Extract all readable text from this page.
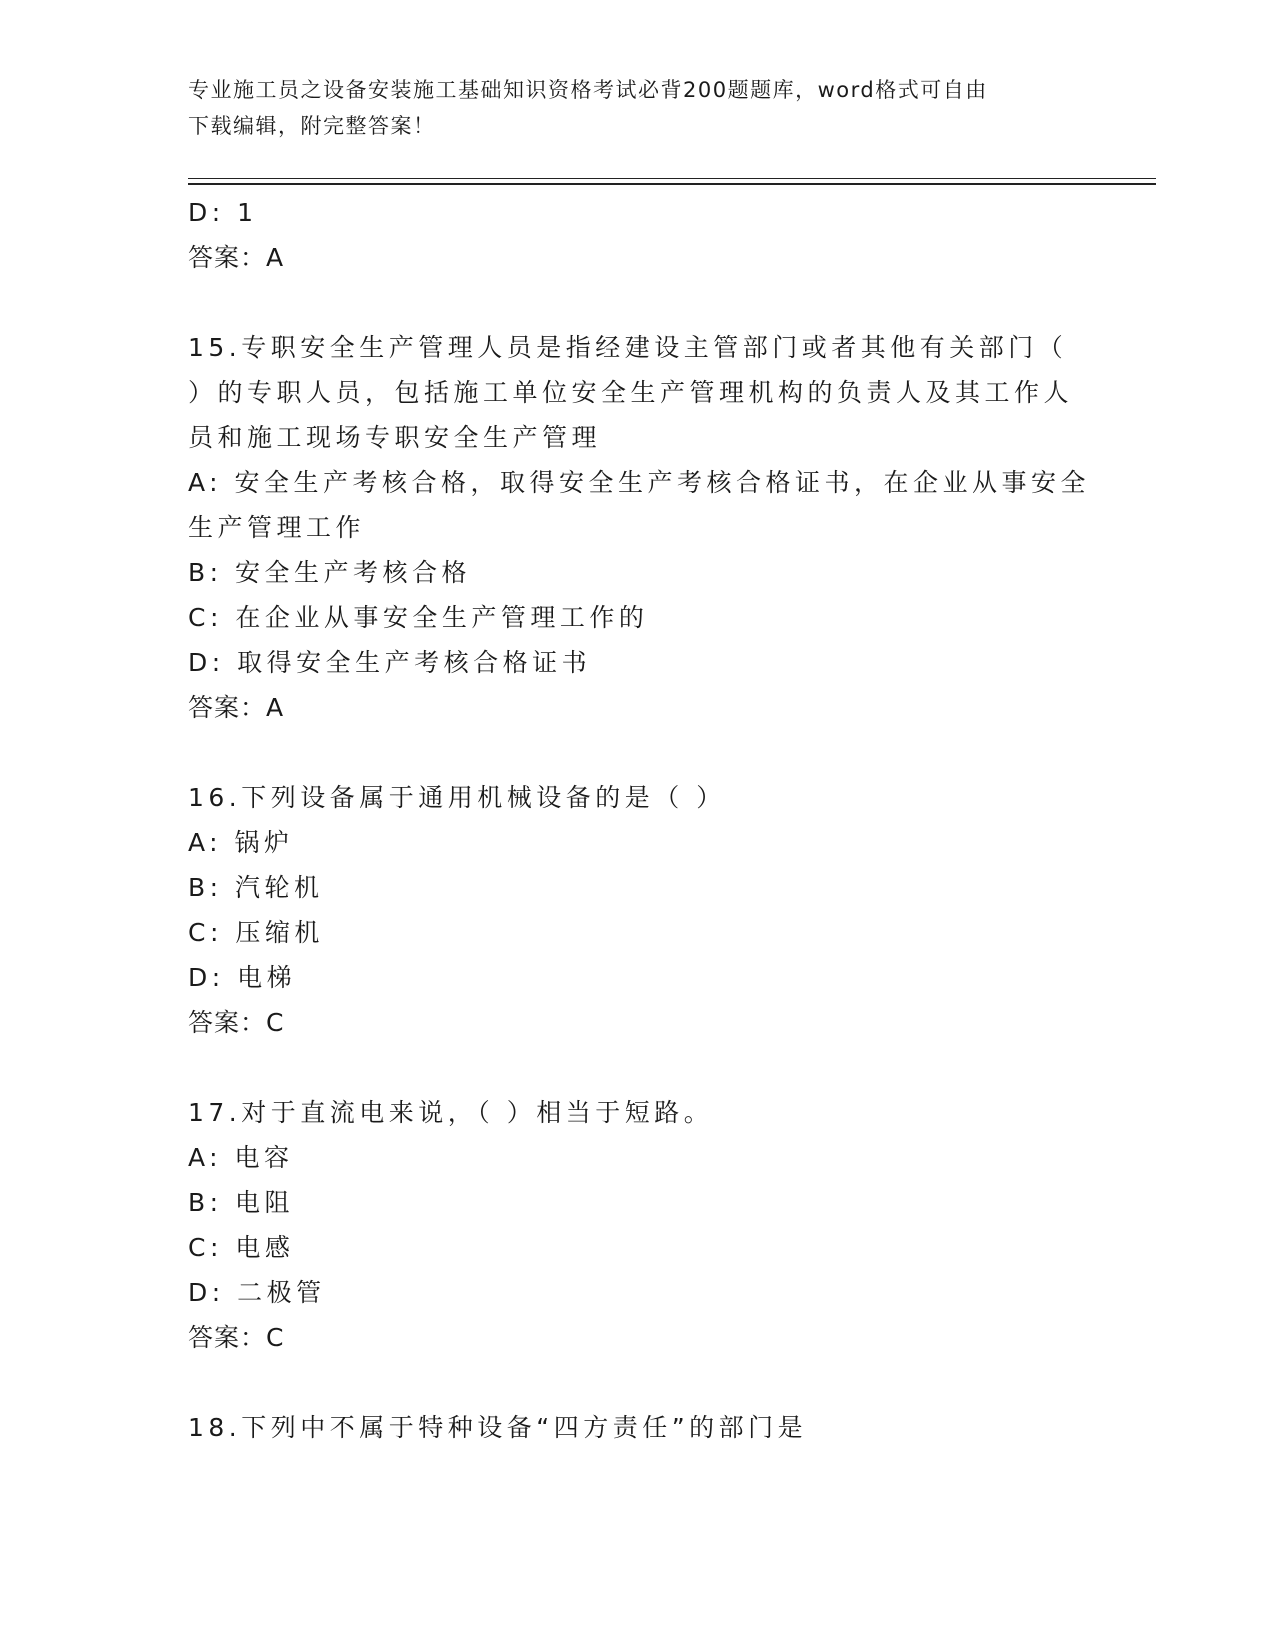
专业施工员之设备安装施工基础知识资格考试必背200题题库，word格式可自由
下载编辑，附完整答案！
D: 1
答案：A
15.专职安全生产管理人员是指经建设主管部门或者其他有关部门（
）的专职人员，包括施工单位安全生产管理机构的负责人及其工作人
员和施工现场专职安全生产管理
A: 安全生产考核合格，取得安全生产考核合格证书，在企业从事安全
生产管理工作
B: 安全生产考核合格
C: 在企业从事安全生产管理工作的
D: 取得安全生产考核合格证书
答案：A
16.下列设备属于通用机械设备的是（ ）
A: 锅炉
B: 汽轮机
C: 压缩机
D: 电梯
答案：C
17.对于直流电来说，（ ）相当于短路。
A: 电容
B: 电阻
C: 电感
D: 二极管
答案：C
18.下列中不属于特种设备“四方责任”的部门是
